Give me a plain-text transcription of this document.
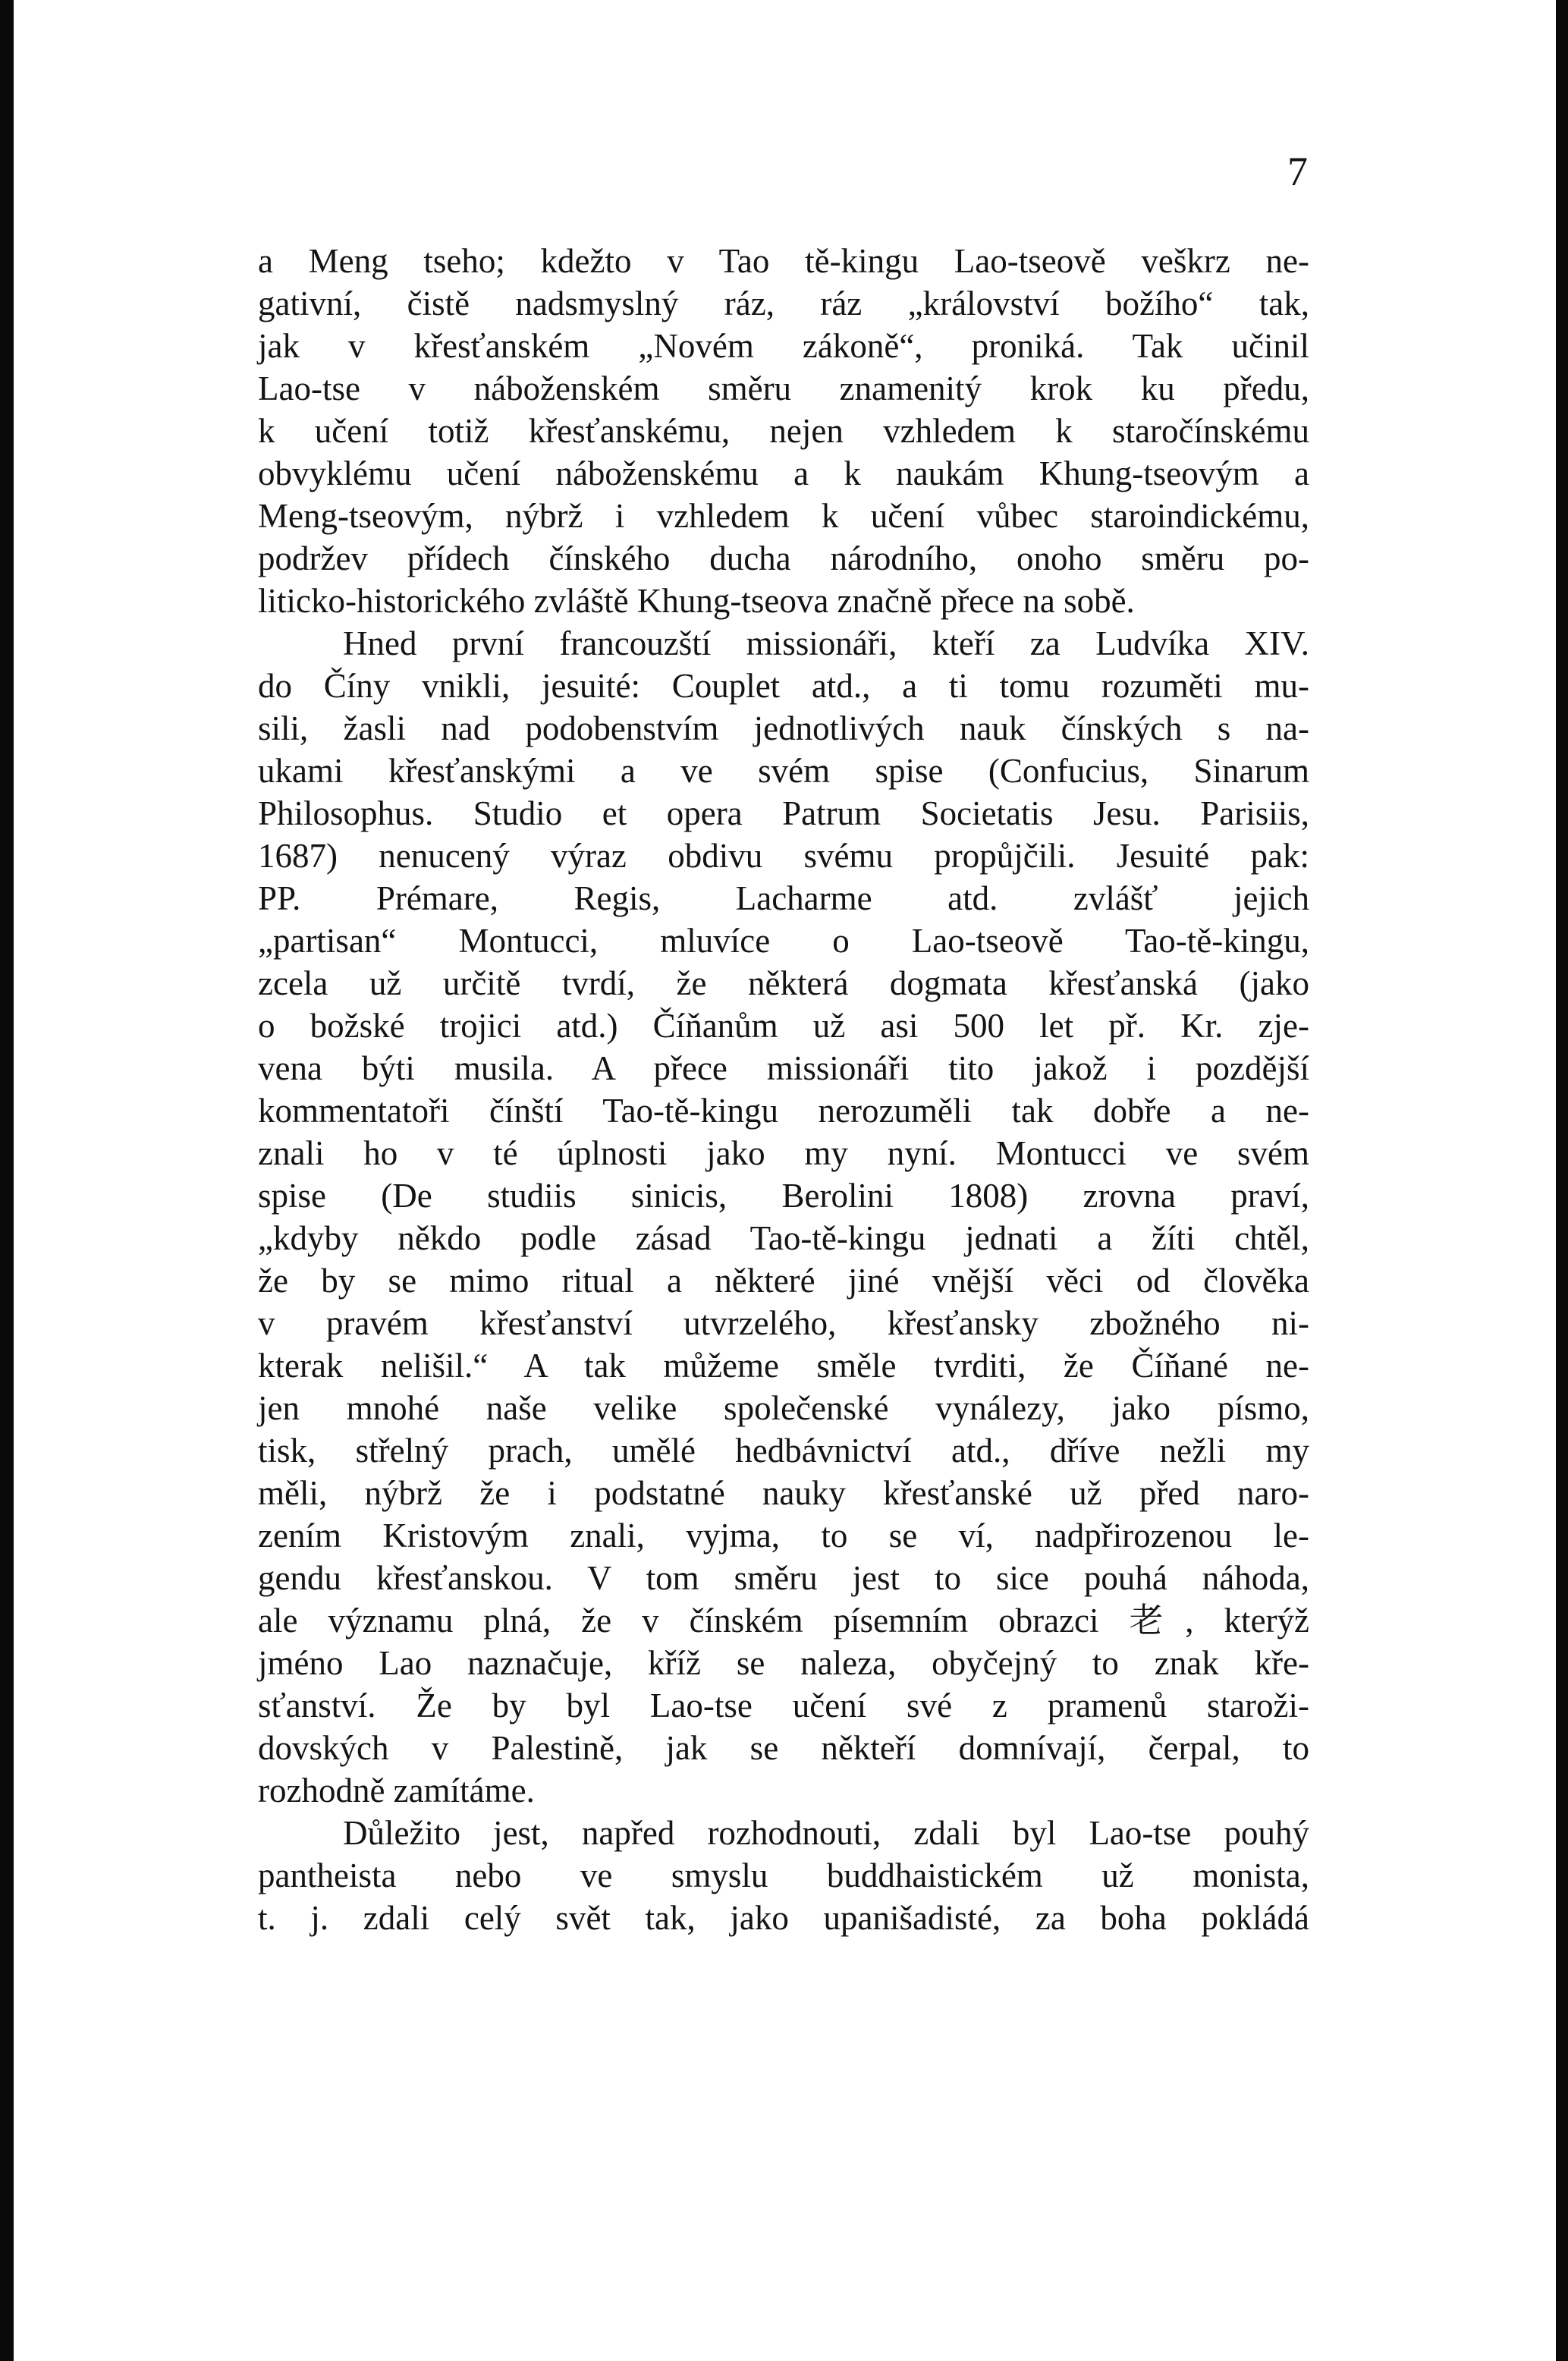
7
a Meng tseho; kdežto v Tao tě-kingu Lao-tseově veškrz ne-
gativní, čistě nadsmyslný ráz, ráz „království božího“ tak,
jak v křesťanském „Novém zákoně“, proniká. Tak učinil
Lao-tse v náboženském směru znamenitý krok ku předu,
k učení totiž křesťanskému, nejen vzhledem k staročínskému
obvyklému učení náboženskému a k naukám Khung-tseovým a
Meng-tseovým, nýbrž i vzhledem k učení vůbec staroindickému,
podržev přídech čínského ducha národního, onoho směru po-
liticko-historického zvláště Khung-tseova značně přece na sobě.
Hned první francouzští missionáři, kteří za Ludvíka XIV.
do Číny vnikli, jesuité: Couplet atd., a ti tomu rozuměti mu-
sili, žasli nad podobenstvím jednotlivých nauk čínských s na-
ukami křesťanskými a ve svém spise (Confucius, Sinarum
Philosophus. Studio et opera Patrum Societatis Jesu. Parisiis,
1687) nenucený výraz obdivu svému propůjčili. Jesuité pak:
PP. Prémare, Regis, Lacharme atd. zvlášť jejich
„partisan“ Montucci, mluvíce o Lao-tseově Tao-tě-kingu,
zcela už určitě tvrdí, že některá dogmata křesťanská (jako
o božské trojici atd.) Číňanům už asi 500 let př. Kr. zje-
vena býti musila. A přece missionáři tito jakož i pozdější
kommentatoři čínští Tao-tě-kingu nerozuměli tak dobře a ne-
znali ho v té úplnosti jako my nyní. Montucci ve svém
spise (De studiis sinicis, Berolini 1808) zrovna praví,
„kdyby někdo podle zásad Tao-tě-kingu jednati a žíti chtěl,
že by se mimo ritual a některé jiné vnější věci od člověka
v pravém křesťanství utvrzelého, křesťansky zbožného ni-
kterak nelišil.“ A tak můžeme směle tvrditi, že Číňané ne-
jen mnohé naše velike společenské vynálezy, jako písmo,
tisk, střelný prach, umělé hedbávnictví atd., dříve nežli my
měli, nýbrž že i podstatné nauky křesťanské už před naro-
zením Kristovým znali, vyjma, to se ví, nadpřirozenou le-
gendu křesťanskou. V tom směru jest to sice pouhá náhoda,
ale významu plná, že v čínském písemním obrazci 老, kterýž
jméno Lao naznačuje, kříž se naleza, obyčejný to znak kře-
sťanství. Že by byl Lao-tse učení své z pramenů staroži-
dovských v Palestině, jak se někteří domnívají, čerpal, to
rozhodně zamítáme.
Důležito jest, napřed rozhodnouti, zdali byl Lao-tse pouhý
pantheista nebo ve smyslu buddhaistickém už monista,
t. j. zdali celý svět tak, jako upanišadisté, za boha pokládá
